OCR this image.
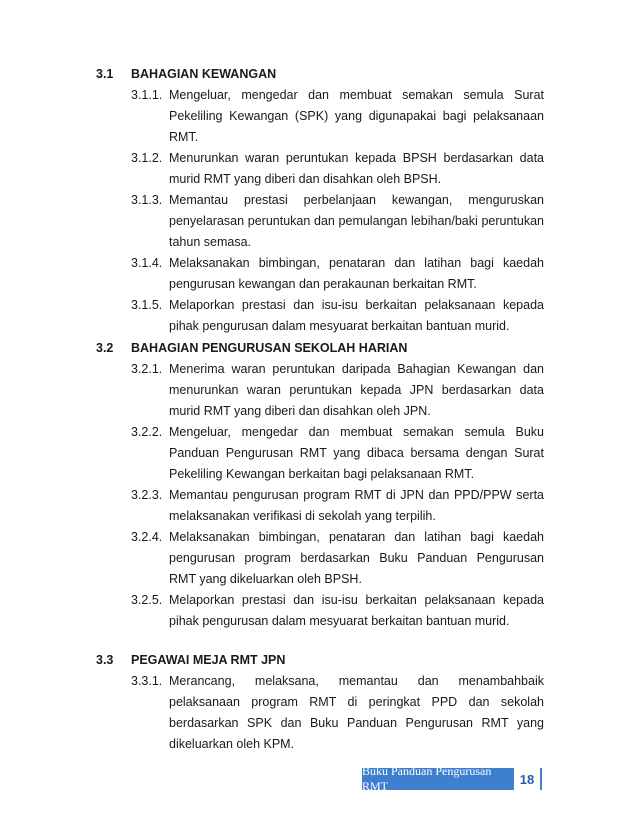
3.1	BAHAGIAN KEWANGAN
3.1.1. Mengeluar, mengedar dan membuat semakan semula Surat Pekeliling Kewangan (SPK) yang digunapakai bagi pelaksanaan RMT.
3.1.2. Menurunkan waran peruntukan kepada BPSH berdasarkan data murid RMT yang diberi dan disahkan oleh BPSH.
3.1.3. Memantau prestasi perbelanjaan kewangan, menguruskan penyelarasan peruntukan dan pemulangan lebihan/baki peruntukan tahun semasa.
3.1.4. Melaksanakan bimbingan, penataran dan latihan bagi kaedah pengurusan kewangan dan perakaunan berkaitan RMT.
3.1.5. Melaporkan prestasi dan isu-isu berkaitan pelaksanaan kepada pihak pengurusan dalam mesyuarat berkaitan bantuan murid.
3.2	BAHAGIAN PENGURUSAN SEKOLAH HARIAN
3.2.1. Menerima waran peruntukan daripada Bahagian Kewangan dan menurunkan waran peruntukan kepada JPN berdasarkan data murid RMT yang diberi dan disahkan oleh JPN.
3.2.2. Mengeluar, mengedar dan membuat semakan semula Buku Panduan Pengurusan RMT yang dibaca bersama dengan Surat Pekeliling Kewangan berkaitan bagi pelaksanaan RMT.
3.2.3. Memantau pengurusan program RMT di JPN dan PPD/PPW serta melaksanakan verifikasi di sekolah yang terpilih.
3.2.4. Melaksanakan bimbingan, penataran dan latihan bagi kaedah pengurusan program berdasarkan Buku Panduan Pengurusan RMT yang dikeluarkan oleh BPSH.
3.2.5. Melaporkan prestasi dan isu-isu berkaitan pelaksanaan kepada pihak pengurusan dalam mesyuarat berkaitan bantuan murid.
3.3	PEGAWAI MEJA RMT JPN
3.3.1. Merancang, melaksana, memantau dan menambahbaik pelaksanaan program RMT di peringkat PPD dan sekolah berdasarkan SPK dan Buku Panduan Pengurusan RMT yang dikeluarkan oleh KPM.
Buku Panduan Pengurusan RMT	18
